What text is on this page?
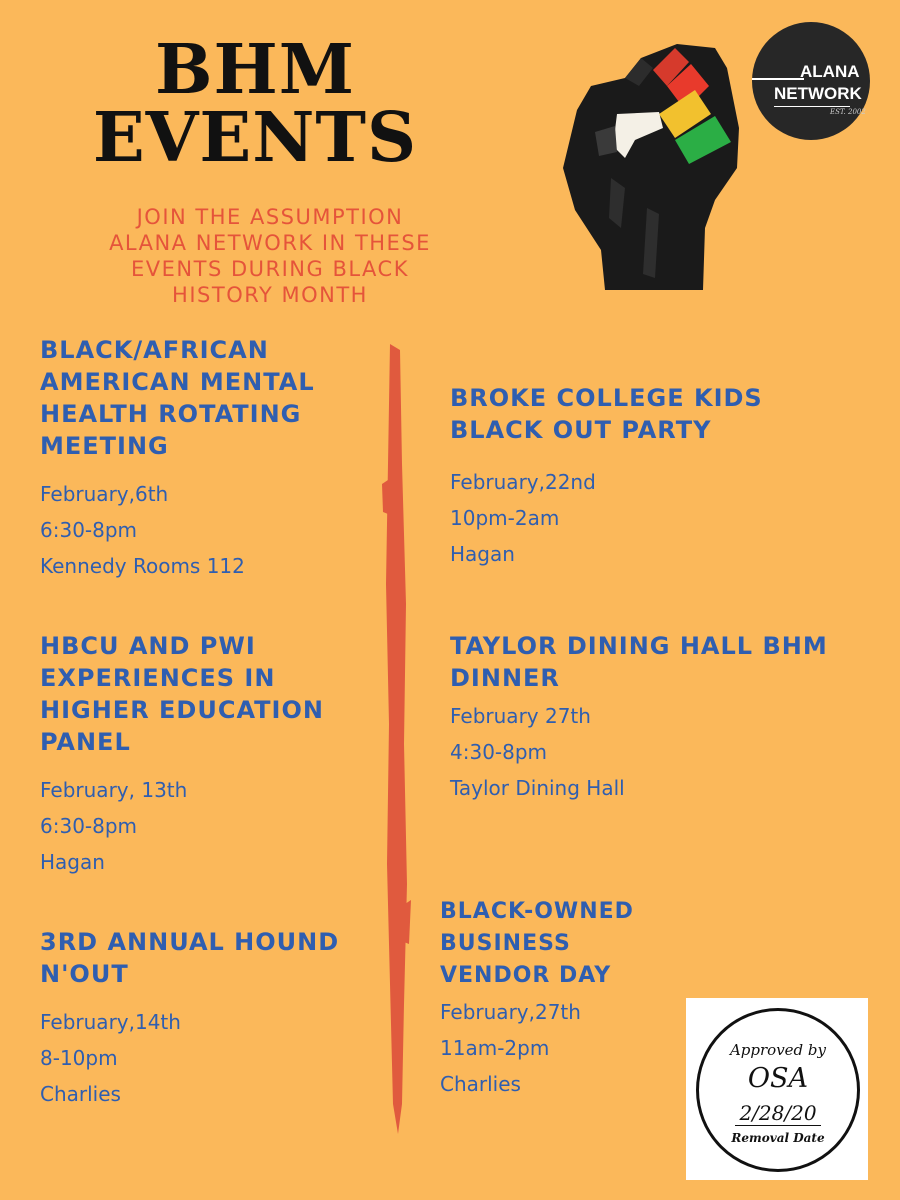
BHM
EVENTS
JOIN THE ASSUMPTION
ALANA NETWORK IN THESE
EVENTS DURING BLACK
HISTORY MONTH
ALANA
NETWORK
EST. 2002
BLACK/AFRICAN
AMERICAN MENTAL
HEALTH ROTATING
MEETING
February,6th
6:30-8pm
Kennedy Rooms 112
HBCU AND PWI
EXPERIENCES IN
HIGHER EDUCATION
PANEL
February, 13th
6:30-8pm
Hagan
3RD ANNUAL HOUND
N'OUT
February,14th
8-10pm
Charlies
BROKE COLLEGE KIDS
BLACK OUT PARTY
February,22nd
10pm-2am
Hagan
TAYLOR DINING HALL BHM
DINNER
February 27th
4:30-8pm
Taylor Dining Hall
BLACK-OWNED BUSINESS
VENDOR DAY
February,27th
11am-2pm
Charlies
Approved by
OSA
2/28/20
Removal Date
